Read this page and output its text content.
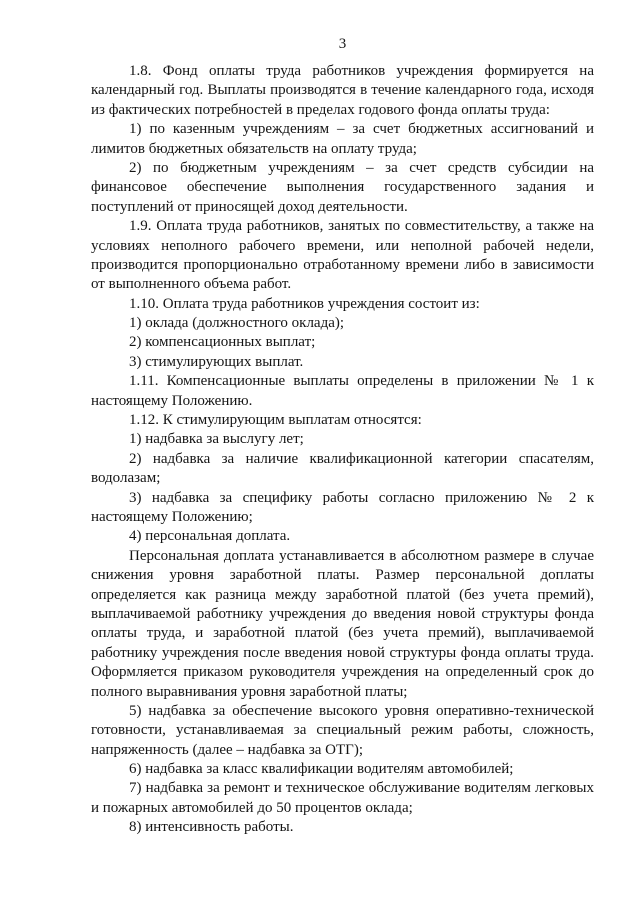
3
1.8. Фонд оплаты труда работников учреждения формируется на
календарный год. Выплаты производятся в течение календарного года, исходя
из фактических потребностей в пределах годового фонда оплаты труда:
1) по казенным учреждениям – за счет бюджетных ассигнований и
лимитов бюджетных обязательств на оплату труда;
2) по бюджетным учреждениям – за счет средств субсидии на
финансовое обеспечение выполнения государственного задания и
поступлений от приносящей доход деятельности.
1.9. Оплата труда работников, занятых по совместительству, а также на
условиях неполного рабочего времени, или неполной рабочей недели,
производится пропорционально отработанному времени либо в зависимости
от выполненного объема работ.
1.10. Оплата труда работников учреждения состоит из:
1) оклада (должностного оклада);
2) компенсационных выплат;
3) стимулирующих выплат.
1.11. Компенсационные выплаты определены в приложении № 1 к
настоящему Положению.
1.12. К стимулирующим выплатам относятся:
1) надбавка за выслугу лет;
2) надбавка за наличие квалификационной категории спасателям,
водолазам;
3) надбавка за специфику работы согласно приложению № 2 к
настоящему Положению;
4) персональная доплата.
Персональная доплата устанавливается в абсолютном размере в случае
снижения уровня заработной платы. Размер персональной доплаты
определяется как разница между заработной платой (без учета премий),
выплачиваемой работнику учреждения до введения новой структуры фонда
оплаты труда, и заработной платой (без учета премий), выплачиваемой
работнику учреждения после введения новой структуры фонда оплаты труда.
Оформляется приказом руководителя учреждения на определенный срок до
полного выравнивания уровня заработной платы;
5) надбавка за обеспечение высокого уровня оперативно-технической
готовности, устанавливаемая за специальный режим работы, сложность,
напряженность (далее – надбавка за ОТГ);
6) надбавка за класс квалификации водителям автомобилей;
7) надбавка за ремонт и техническое обслуживание водителям легковых
и пожарных автомобилей до 50 процентов оклада;
8) интенсивность работы.
